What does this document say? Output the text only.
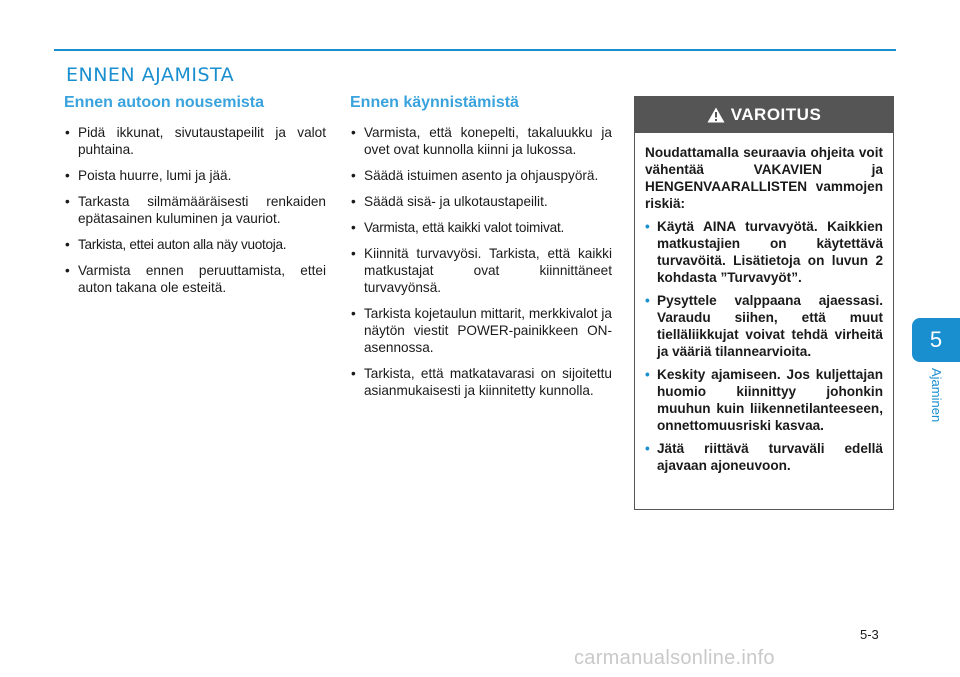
ENNEN AJAMISTA
Ennen autoon nousemista
• Pidä ikkunat, sivutaustapeilit ja valot puhtaina.
• Poista huurre, lumi ja jää.
• Tarkasta silmämääräisesti renkaiden epätasainen kuluminen ja vauriot.
• Tarkista, ettei auton alla näy vuotoja.
• Varmista ennen peruuttamista, ettei auton takana ole esteitä.
Ennen käynnistämistä
• Varmista, että konepelti, takaluukku ja ovet ovat kunnolla kiinni ja lukossa.
• Säädä istuimen asento ja ohjauspyörä.
• Säädä sisä- ja ulkotaustapeilit.
• Varmista, että kaikki valot toimivat.
• Kiinnitä turvavyösi. Tarkista, että kaikki matkustajat ovat kiinnittäneet turvavyönsä.
• Tarkista kojetaulun mittarit, merkkivalot ja näytön viestit POWER-painikkeen ON-asennossa.
• Tarkista, että matkatavarasi on sijoitettu asianmukaisesti ja kiinnitetty kunnolla.
VAROITUS

Noudattamalla seuraavia ohjeita voit vähentää VAKAVIEN ja HENGENVAARALLISTEN vammojen riskiä:

• Käytä AINA turvavyötä. Kaikkien matkustajien on käytettävä turvavöitä. Lisätietoja on luvun 2 kohdasta ”Turvavyöt”.
• Pysyttele valppaana ajaessasi. Varaudu siihen, että muut tielläliikkujat voivat tehdä virheitä ja vääriä tilannearvioita.
• Keskity ajamiseen. Jos kuljettajan huomio kiinnittyy johonkin muuhun kuin liikennetilanteeseen, onnettomuusriski kasvaa.
• Jätä riittävä turvaväli edellä ajavaan ajoneuvoon.
5
Ajaminen
5-3
carmanualsonline.info
